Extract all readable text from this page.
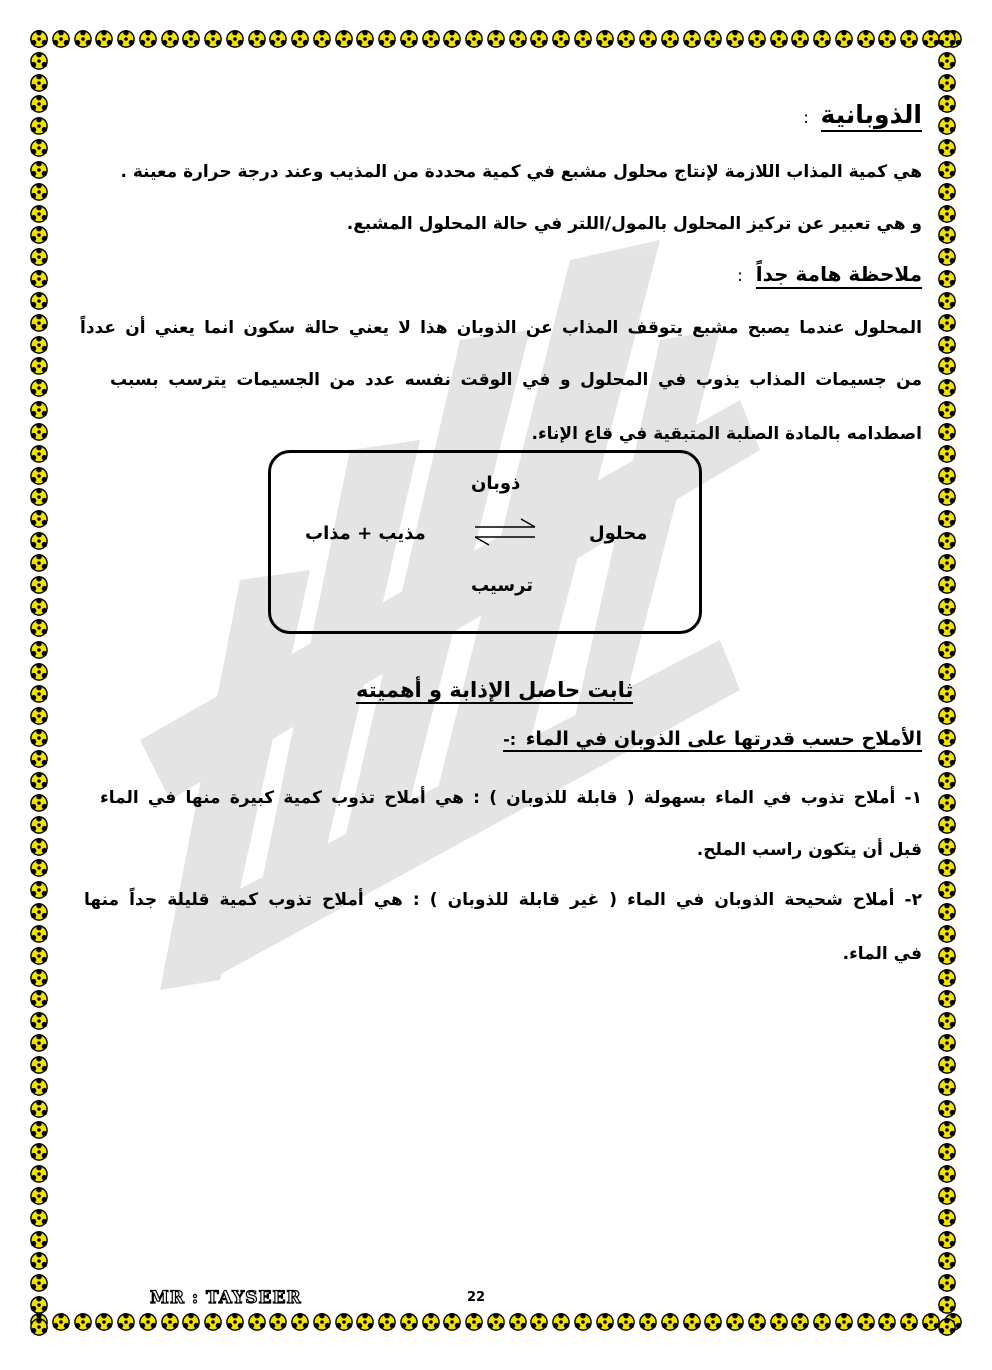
الذوبانية :
هي كمية المذاب اللازمة لإنتاج محلول مشبع في كمية محددة من المذيب وعند درجة حرارة معينة .
و هي تعبير عن تركيز المحلول بالمول/اللتر في حالة المحلول المشبع.
ملاحظة هامة جداً :
المحلول عندما يصبح مشبع يتوقف المذاب عن الذوبان هذا لا يعني حالة سكون انما يعني أن عدداً
من جسيمات المذاب يذوب في المحلول و في الوقت نفسه عدد من الجسيمات يترسب بسبب
اصطدامه بالمادة الصلبة المتبقية في قاع الإناء.
الأملاح حسب قدرتها على الذوبان في الماء :-
١- أملاح تذوب في الماء بسهولة ( قابلة للذوبان ) : هي أملاح تذوب كمية كبيرة منها في الماء
قبل أن يتكون راسب الملح.
٢- أملاح شحيحة الذوبان في الماء ( غير قابلة للذوبان ) : هي أملاح تذوب كمية قليلة جداً منها
في الماء.
ذوبان
مذيب + مذاب	محلول
ترسيب
ثابت حاصل الإذابة و أهميته
MR : TAYSEER	22
